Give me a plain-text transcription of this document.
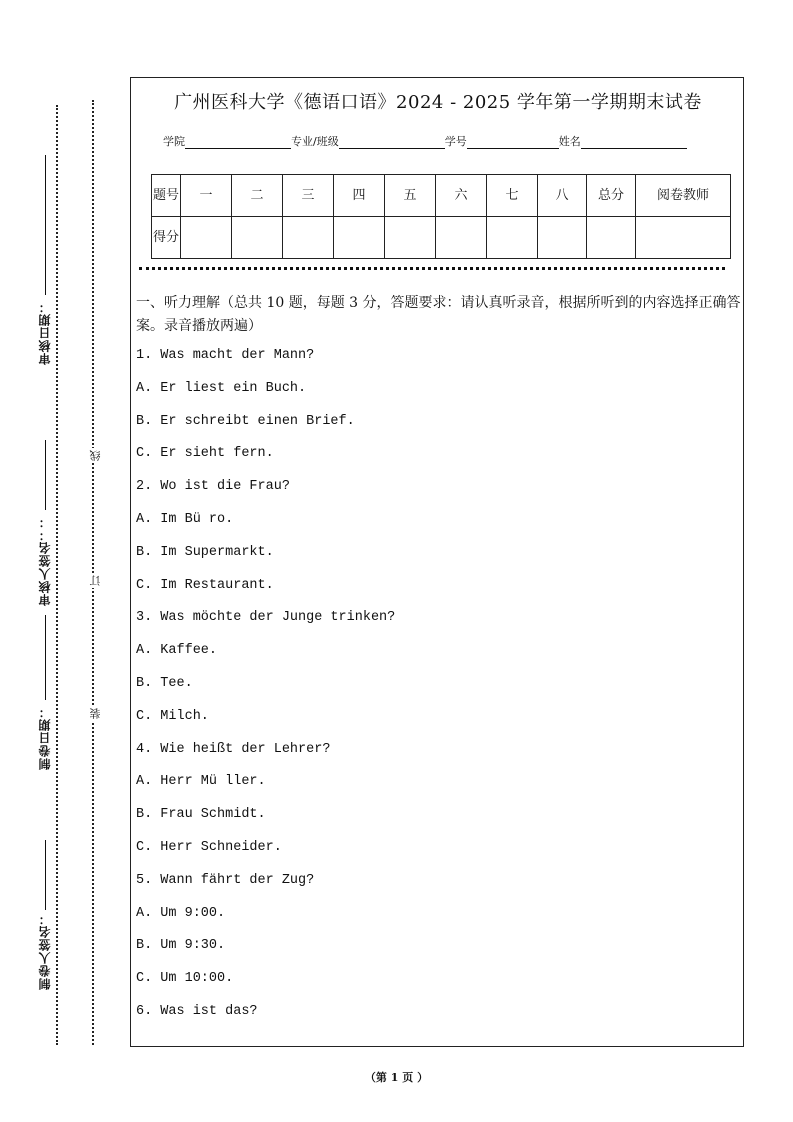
审核日期：
审核人签名：：
制卷日期：
制卷人签名：
线
订
装
广州医科大学《德语口语》2024 - 2025 学年第一学期期末试卷
学院	专业/班级	学号	姓名
题号	一	二	三	四	五	六	七	八	总分	阅卷教师
得分										
一、听力理解（总共 10 题，每题 3 分，答题要求：请认真听录音，根据所听到的内容选择正确答案。录音播放两遍）
1. Was macht der Mann?
A. Er liest ein Buch.
B. Er schreibt einen Brief.
C. Er sieht fern.
2. Wo ist die Frau?
A. Im Bü ro.
B. Im Supermarkt.
C. Im Restaurant.
3. Was möchte der Junge trinken?
A. Kaffee.
B. Tee.
C. Milch.
4. Wie heißt der Lehrer?
A. Herr Mü ller.
B. Frau Schmidt.
C. Herr Schneider.
5. Wann fährt der Zug?
A. Um 9:00.
B. Um 9:30.
C. Um 10:00.
6. Was ist das?
（第 1 页 ）
